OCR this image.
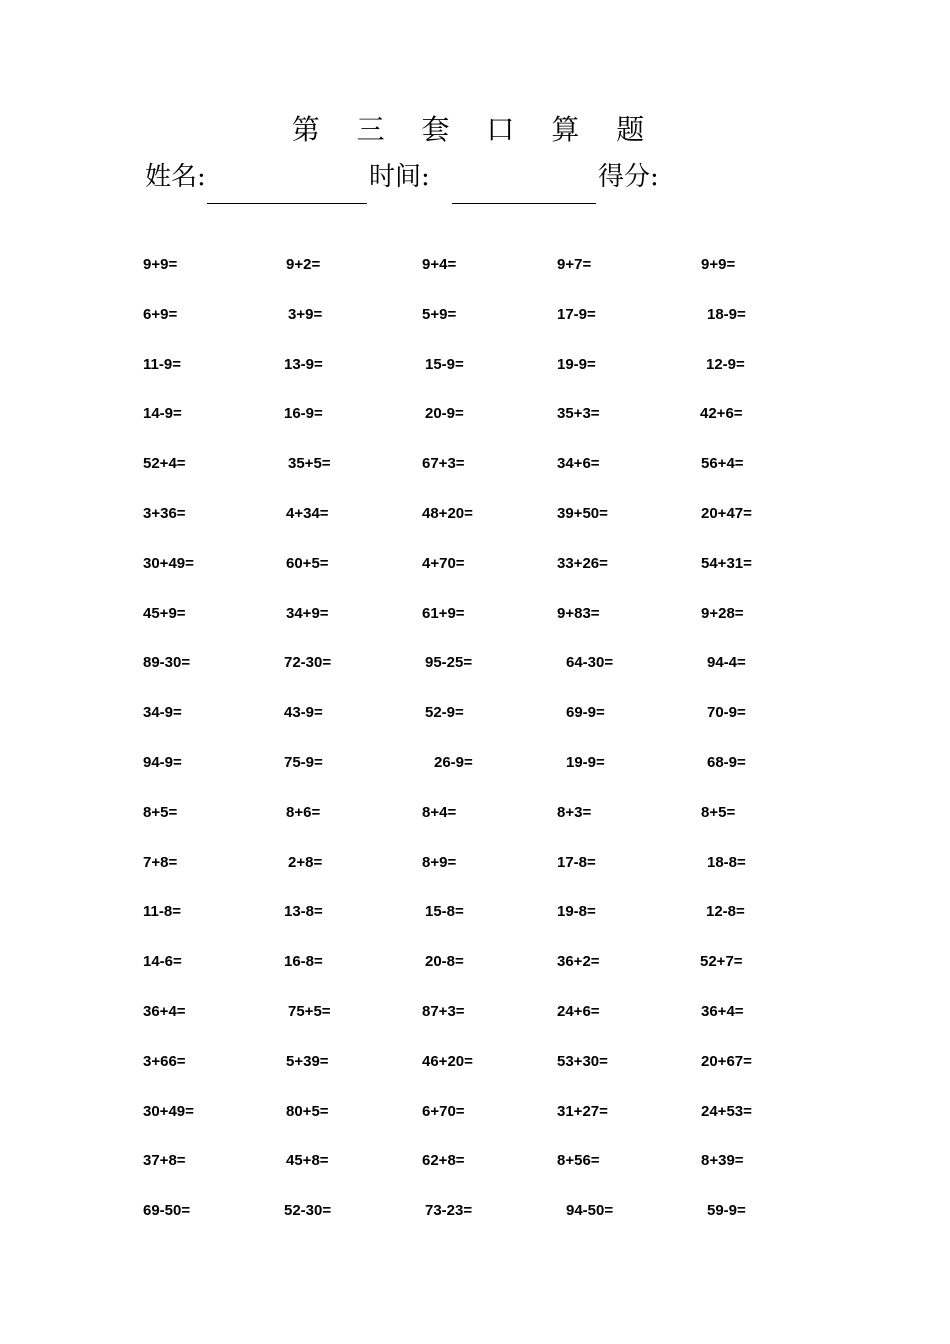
第 三 套 口 算 题
姓名:	时间:	得分:
9+9=	9+2=	9+4=	9+7=	9+9=
6+9=	3+9=	5+9=	17-9=	18-9=
11-9=	13-9=	15-9=	19-9=	12-9=
14-9=	16-9=	20-9=	35+3=	42+6=
52+4=	35+5=	67+3=	34+6=	56+4=
3+36=	4+34=	48+20=	39+50=	20+47=
30+49=	60+5=	4+70=	33+26=	54+31=
45+9=	34+9=	61+9=	9+83=	9+28=
89-30=	72-30=	95-25=	64-30=	94-4=
34-9=	43-9=	52-9=	69-9=	70-9=
94-9=	75-9=	26-9=	19-9=	68-9=
8+5=	8+6=	8+4=	8+3=	8+5=
7+8=	2+8=	8+9=	17-8=	18-8=
11-8=	13-8=	15-8=	19-8=	12-8=
14-6=	16-8=	20-8=	36+2=	52+7=
36+4=	75+5=	87+3=	24+6=	36+4=
3+66=	5+39=	46+20=	53+30=	20+67=
30+49=	80+5=	6+70=	31+27=	24+53=
37+8=	45+8=	62+8=	8+56=	8+39=
69-50=	52-30=	73-23=	94-50=	59-9=
